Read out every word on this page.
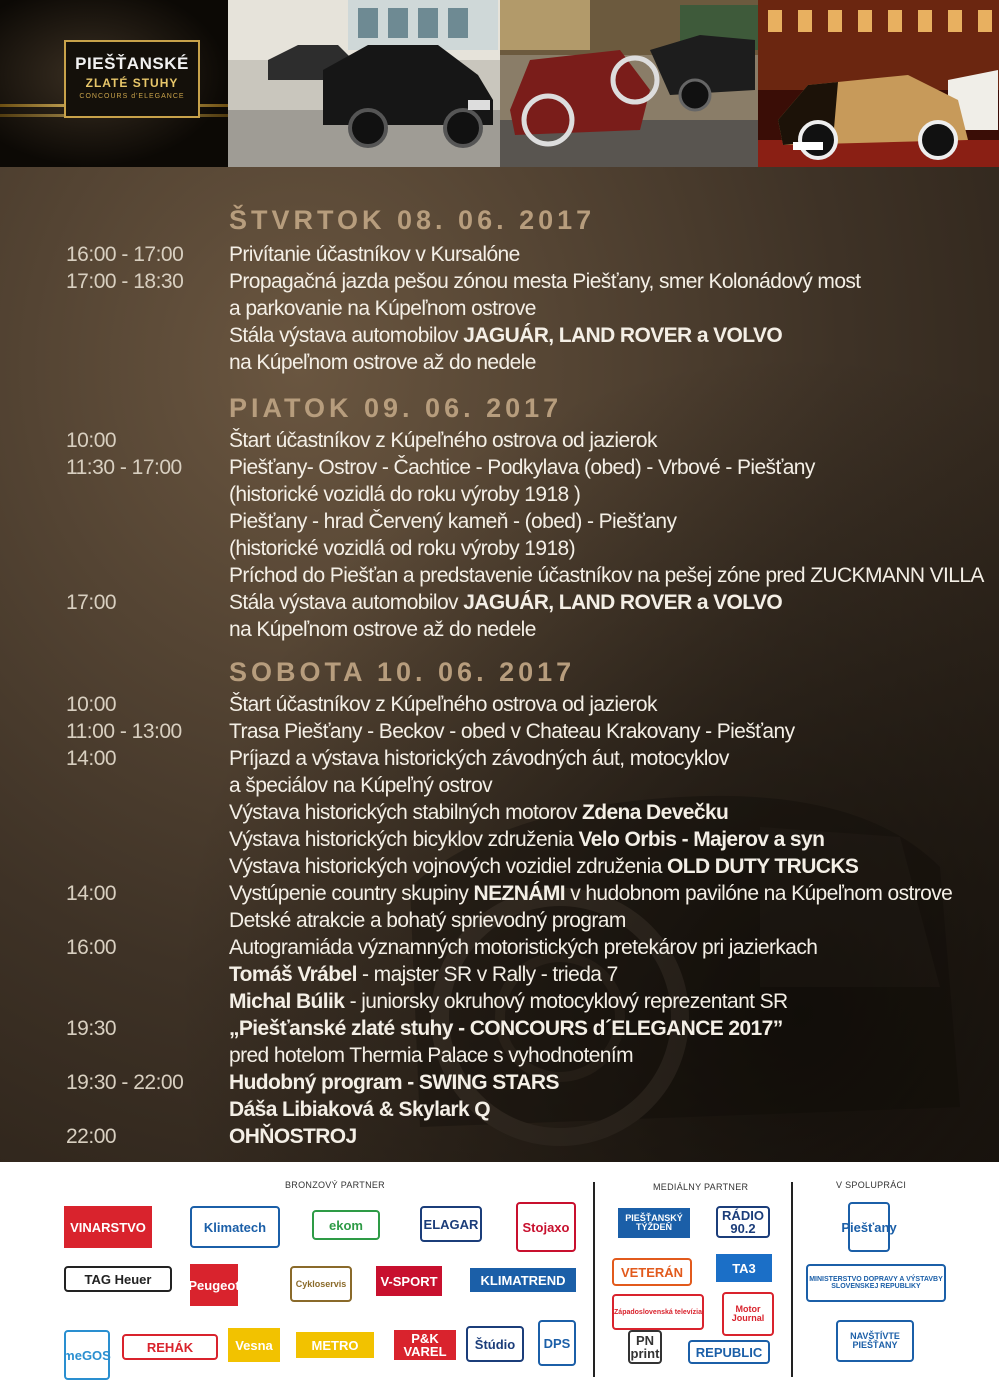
PIEŠŤANSKÉ
ZLATÉ STUHY
CONCOURS d'ELEGANCE
ŠTVRTOK 08. 06. 2017
PIATOK 09. 06. 2017
SOBOTA 10. 06. 2017
16:00 - 17:00 Privítanie účastníkov v Kursalóne
17:00 - 18:30 Propagačná jazda pešou zónou mesta Piešťany, smer Kolonádový most
a parkovanie na Kúpeľnom ostrove
Stála výstava automobilov JAGUÁR, LAND ROVER a VOLVO
na Kúpeľnom ostrove až do nedele
10:00	Štart účastníkov z Kúpeľného ostrova od jazierok
11:30 - 17:00 Piešťany- Ostrov - Čachtice - Podkylava (obed) - Vrbové - Piešťany
(historické vozidlá do roku výroby 1918 )
Piešťany - hrad Červený kameň - (obed) - Piešťany
(historické vozidlá od roku výroby 1918)
Príchod do Piešťan a predstavenie účastníkov na pešej zóne pred ZUCKMANN VILLA
17:00	Stála výstava automobilov JAGUÁR, LAND ROVER a VOLVO
na Kúpeľnom ostrove až do nedele
10:00	Štart účastníkov z Kúpeľného ostrova od jazierok
11:00 - 13:00 Trasa Piešťany - Beckov - obed v Chateau Krakovany - Piešťany
14:00	Príjazd a výstava historických závodných áut, motocyklov
a špeciálov na Kúpeľný ostrov
Výstava historických stabilných motorov Zdena Devečku
Výstava historických bicyklov združenia Velo Orbis - Majerov a syn
Výstava historických vojnových vozidiel združenia OLD DUTY TRUCKS
14:00	Vystúpenie country skupiny NEZNÁMI v hudobnom pavilóne na Kúpeľnom ostrove
Detské atrakcie a bohatý sprievodný program
16:00	Autogramiáda významných motoristických pretekárov pri jazierkach
Tomáš Vrábel - majster SR v Rally - trieda 7
Michal Búlik - juniorsky okruhový motocyklový reprezentant SR
19:30	„Piešťanské zlaté stuhy - CONCOURS d´ELEGANCE 2017”
pred hotelom Thermia Palace s vyhodnotením
19:30 - 22:00 Hudobný program - SWING STARS
Dáša Libiaková & Skylark Q
22:00	OHŇOSTROJ
BRONZOVÝ PARTNER	MEDIÁLNY PARTNER	V SPOLUPRÁCI
VINARSTVO	Klimatech	ekom	ELAGAR	Stojaxo
TAG Heuer	Peugeot	Cykloservis	V-SPORT	KLIMATREND
meGOS
REHÁK	Vesna	METRO	P&K VAREL	Štúdio	DPS
PIEŠŤANSKÝ TÝŽDEŇ
RÁDIO 90.2
VETERÁN	TA3
Západoslovenská televízia	Motor Journal
PN print	REPUBLIC
Piešťany
MINISTERSTVO DOPRAVY A VÝSTAVBY SLOVENSKEJ REPUBLIKY
NAVŠTÍVTE PIEŠŤANY
